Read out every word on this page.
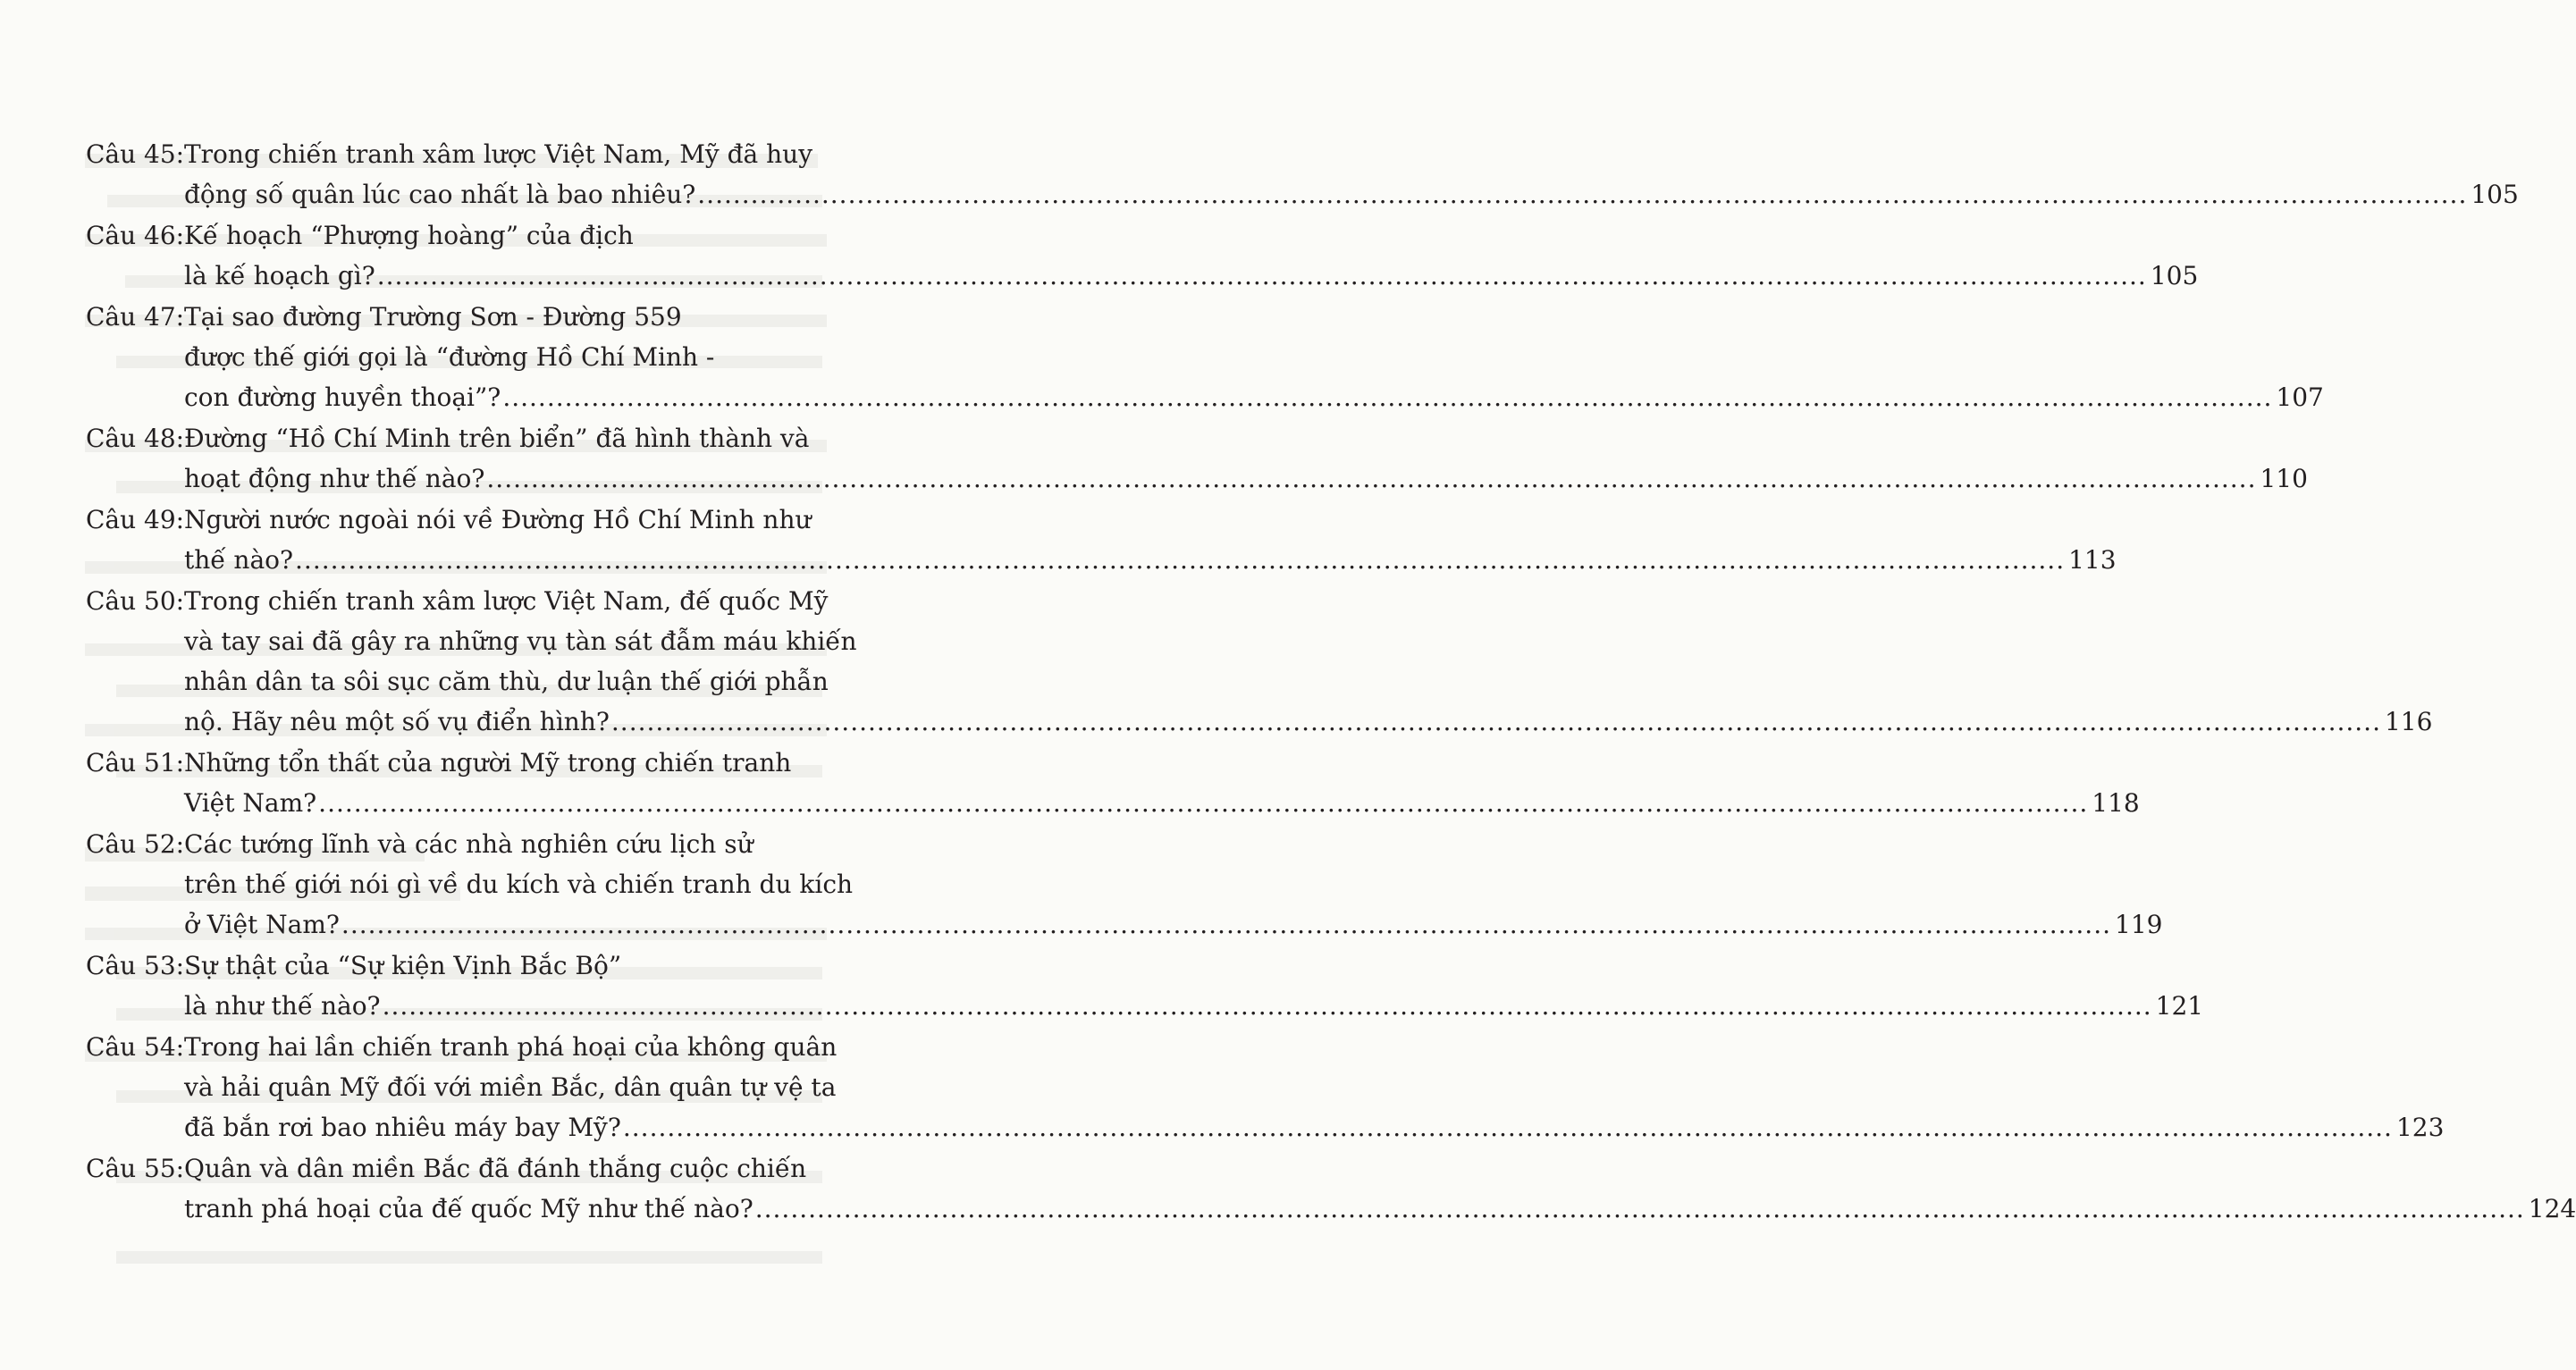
Câu 45: Trong chiến tranh xâm lược Việt Nam, Mỹ đã huy
động số quân lúc cao nhất là bao nhiêu? ........................................................................................................................................................................................................ 105
Câu 46: Kế hoạch “Phượng hoàng” của địch
là kế hoạch gì? ........................................................................................................................................................................................................ 105
Câu 47: Tại sao đường Trường Sơn - Đường 559
được thế giới gọi là “đường Hồ Chí Minh -
con đường huyền thoại”? ........................................................................................................................................................................................................ 107
Câu 48: Đường “Hồ Chí Minh trên biển” đã hình thành và
hoạt động như thế nào? ........................................................................................................................................................................................................ 110
Câu 49: Người nước ngoài nói về Đường Hồ Chí Minh như
thế nào? ........................................................................................................................................................................................................ 113
Câu 50: Trong chiến tranh xâm lược Việt Nam, đế quốc Mỹ
và tay sai đã gây ra những vụ tàn sát đẫm máu khiến
nhân dân ta sôi sục căm thù, dư luận thế giới phẫn
nộ. Hãy nêu một số vụ điển hình? ........................................................................................................................................................................................................ 116
Câu 51: Những tổn thất của người Mỹ trong chiến tranh
Việt Nam? ........................................................................................................................................................................................................ 118
Câu 52: Các tướng lĩnh và các nhà nghiên cứu lịch sử
trên thế giới nói gì về du kích và chiến tranh du kích
ở Việt Nam? ........................................................................................................................................................................................................ 119
Câu 53: Sự thật của “Sự kiện Vịnh Bắc Bộ”
là như thế nào? ........................................................................................................................................................................................................ 121
Câu 54: Trong hai lần chiến tranh phá hoại của không quân
và hải quân Mỹ đối với miền Bắc, dân quân tự vệ ta
đã bắn rơi bao nhiêu máy bay Mỹ? ........................................................................................................................................................................................................ 123
Câu 55: Quân và dân miền Bắc đã đánh thắng cuộc chiến
tranh phá hoại của đế quốc Mỹ như thế nào? ........................................................................................................................................................................................................ 124
